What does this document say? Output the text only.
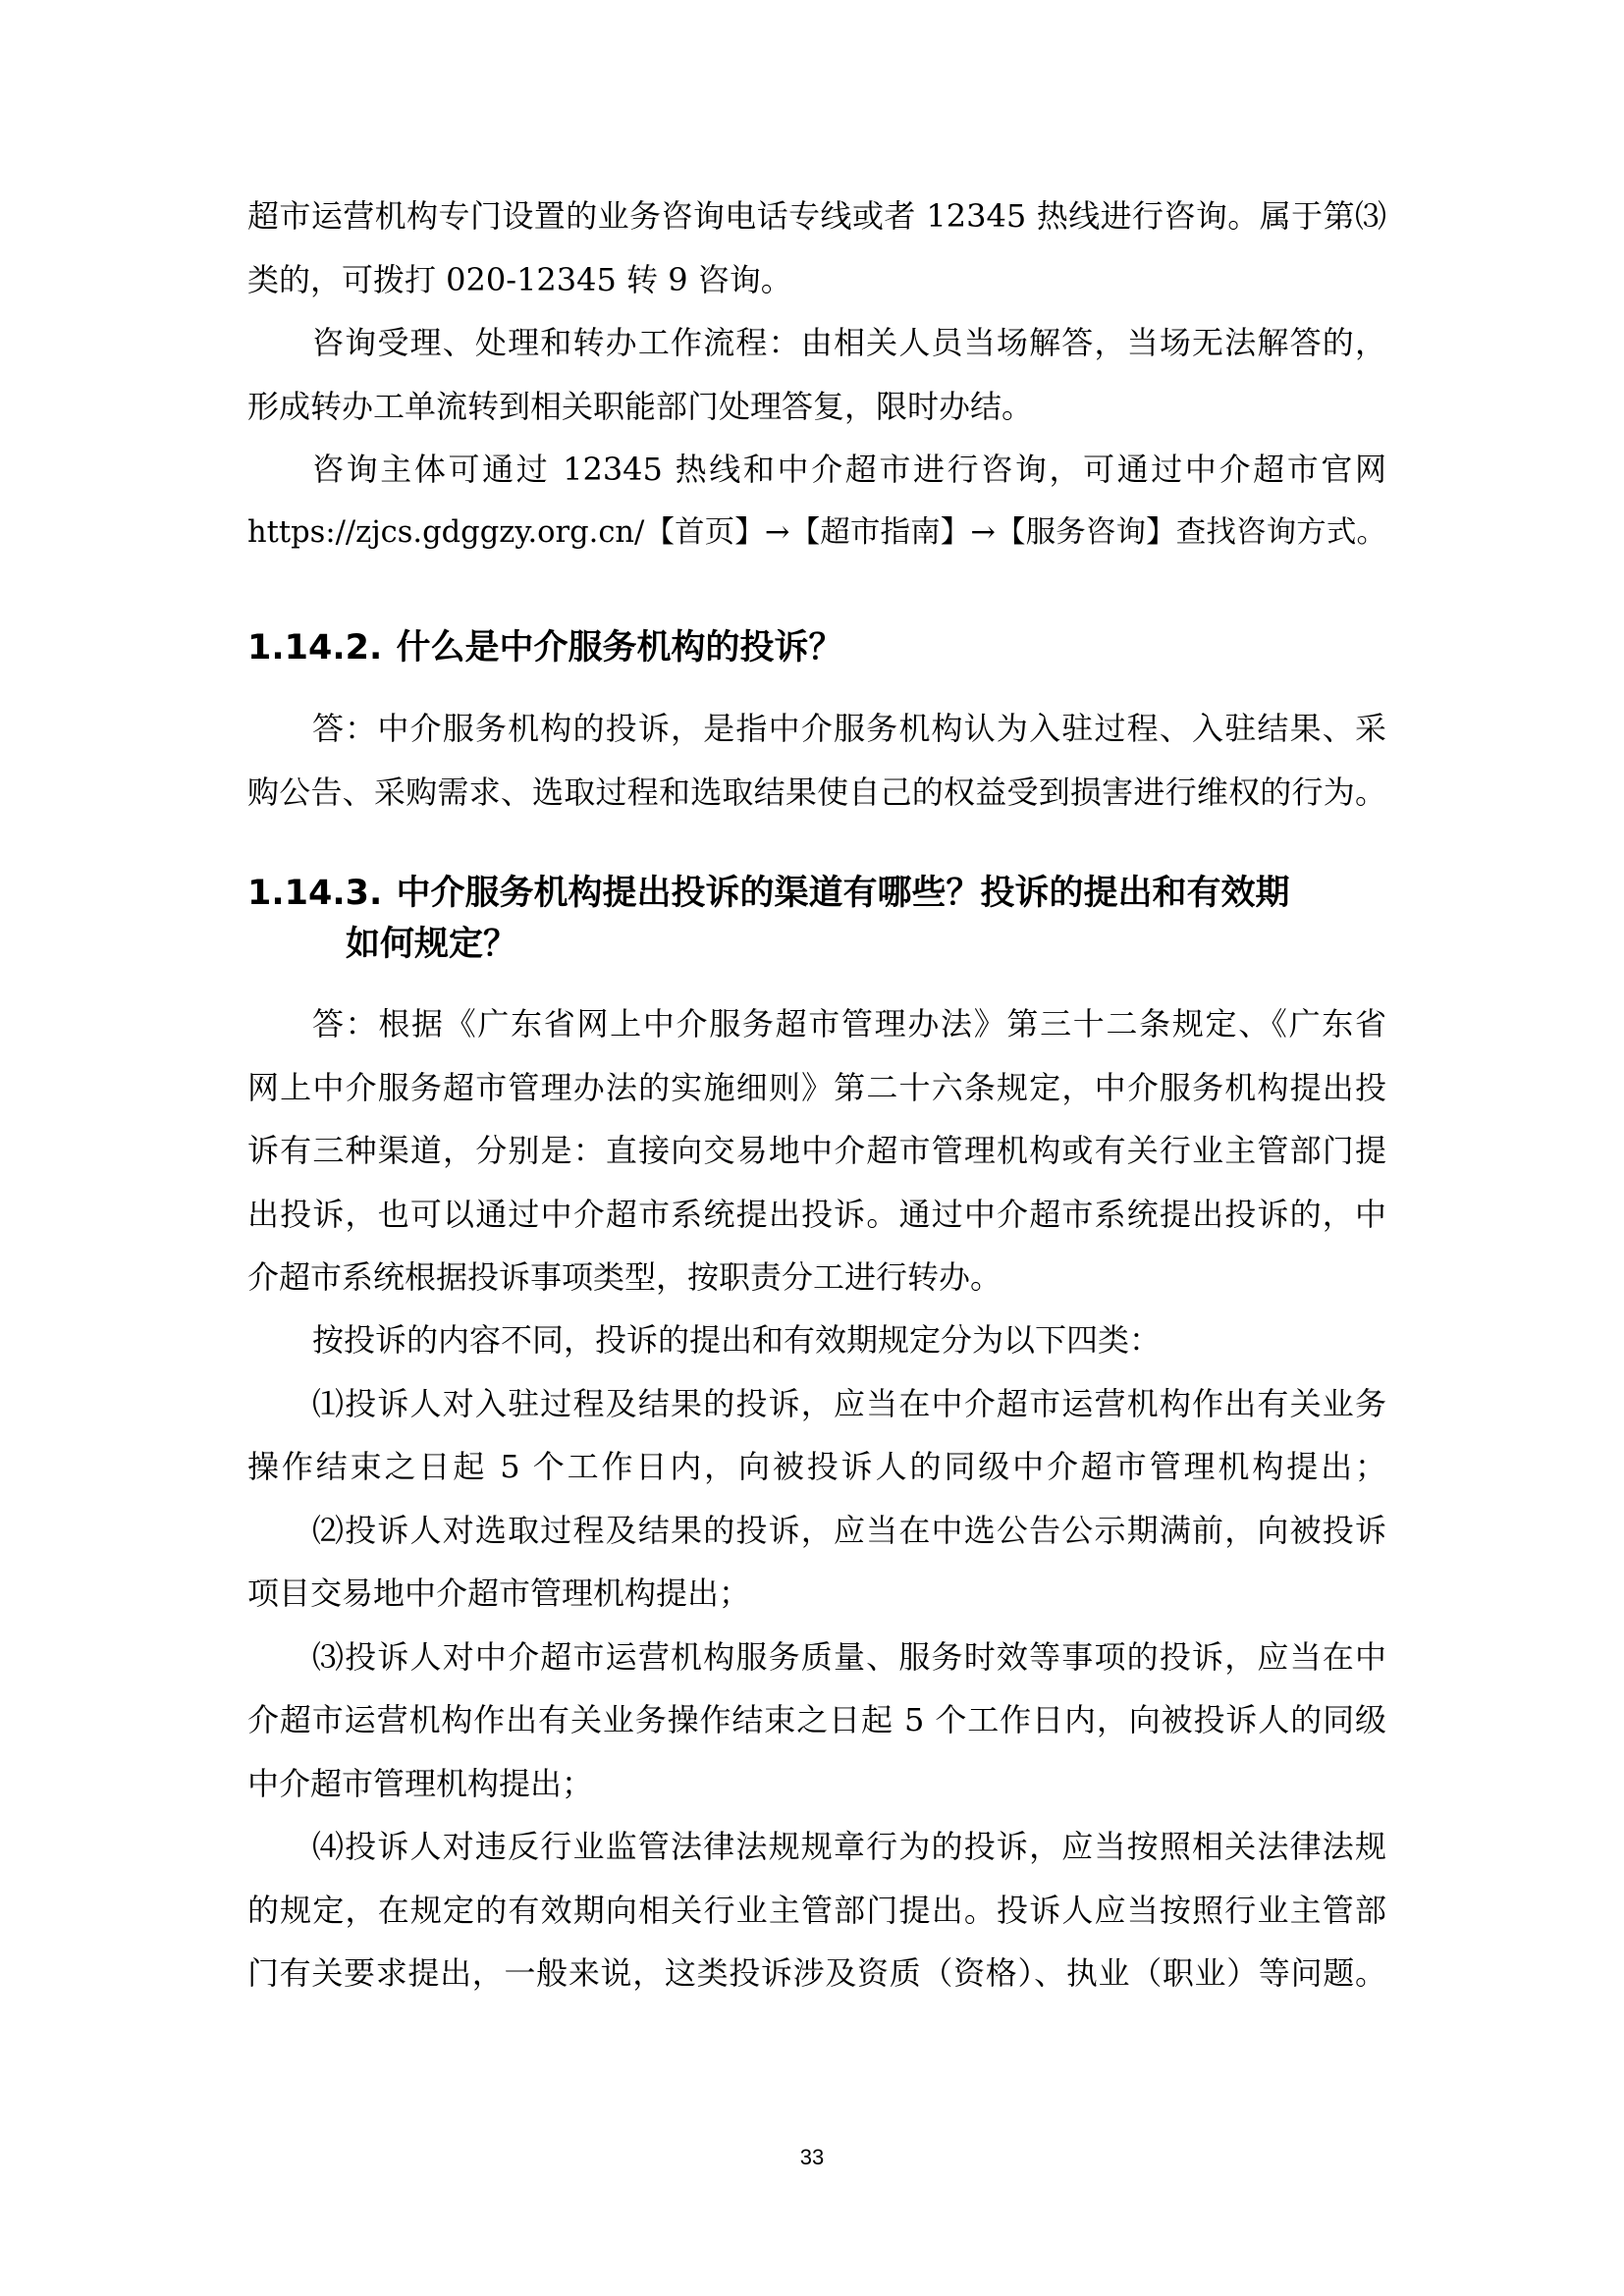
超市运营机构专门设置的业务咨询电话专线或者 12345 热线进行咨询。属于第⑶
类的，可拨打 020-12345 转 9 咨询。
咨询受理、处理和转办工作流程：由相关人员当场解答，当场无法解答的，
形成转办工单流转到相关职能部门处理答复，限时办结。
咨询主体可通过 12345 热线和中介超市进行咨询，可通过中介超市官网
https://zjcs.gdggzy.org.cn/【首页】→【超市指南】→【服务咨询】查找咨询方式。
1.14.2. 什么是中介服务机构的投诉？
答：中介服务机构的投诉，是指中介服务机构认为入驻过程、入驻结果、采
购公告、采购需求、选取过程和选取结果使自己的权益受到损害进行维权的行为。
1.14.3. 中介服务机构提出投诉的渠道有哪些？投诉的提出和有效期
如何规定？
答：根据《广东省网上中介服务超市管理办法》第三十二条规定、《广东省
网上中介服务超市管理办法的实施细则》第二十六条规定，中介服务机构提出投
诉有三种渠道，分别是：直接向交易地中介超市管理机构或有关行业主管部门提
出投诉，也可以通过中介超市系统提出投诉。通过中介超市系统提出投诉的，中
介超市系统根据投诉事项类型，按职责分工进行转办。
按投诉的内容不同，投诉的提出和有效期规定分为以下四类：
⑴投诉人对入驻过程及结果的投诉，应当在中介超市运营机构作出有关业务
操作结束之日起 5 个工作日内，向被投诉人的同级中介超市管理机构提出；
⑵投诉人对选取过程及结果的投诉，应当在中选公告公示期满前，向被投诉
项目交易地中介超市管理机构提出；
⑶投诉人对中介超市运营机构服务质量、服务时效等事项的投诉，应当在中
介超市运营机构作出有关业务操作结束之日起 5 个工作日内，向被投诉人的同级
中介超市管理机构提出；
⑷投诉人对违反行业监管法律法规规章行为的投诉，应当按照相关法律法规
的规定，在规定的有效期向相关行业主管部门提出。投诉人应当按照行业主管部
门有关要求提出，一般来说，这类投诉涉及资质（资格）、执业（职业）等问题。
33
